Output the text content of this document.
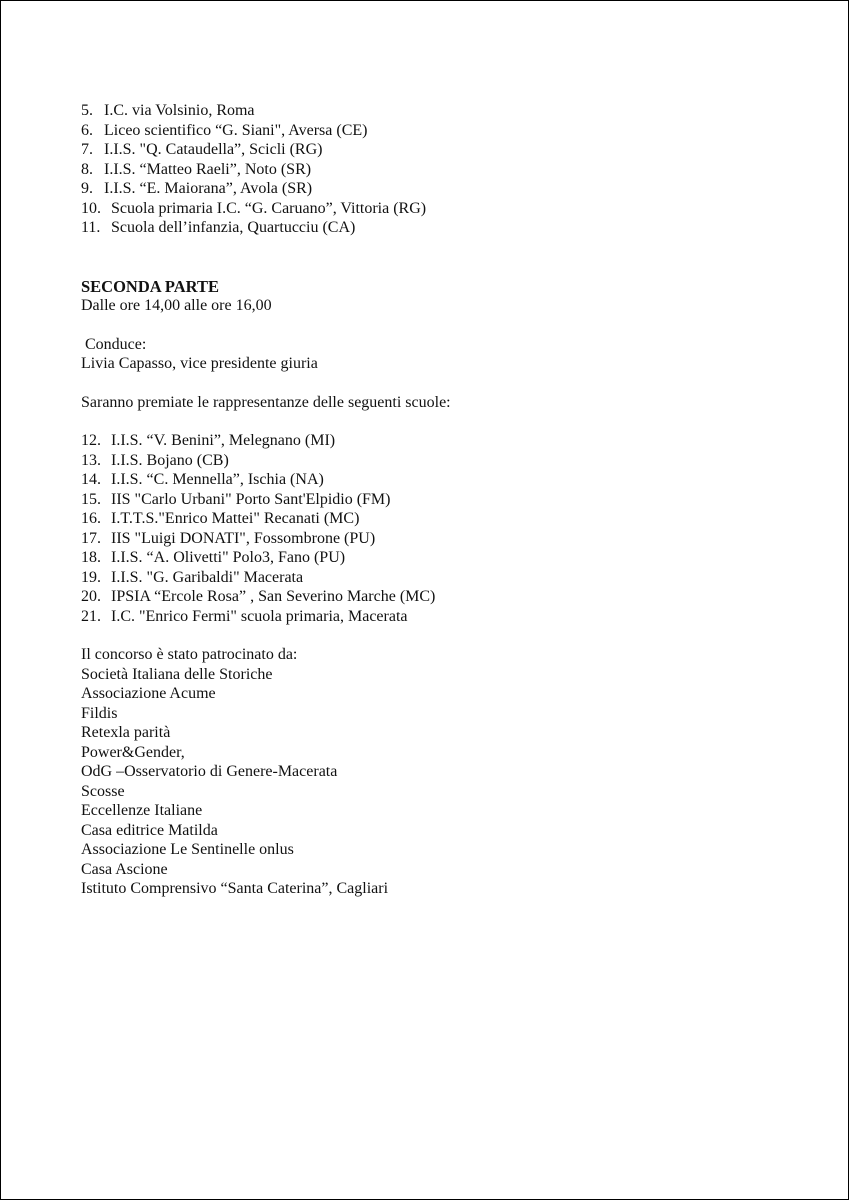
5. I.C. via Volsinio, Roma
6. Liceo scientifico “G. Siani", Aversa (CE)
7. I.I.S. "Q. Cataudella”, Scicli (RG)
8. I.I.S. “Matteo Raeli”, Noto (SR)
9. I.I.S. “E. Maiorana”, Avola (SR)
10. Scuola primaria I.C. “G. Caruano”, Vittoria (RG)
11. Scuola dell’infanzia, Quartucciu (CA)
SECONDA PARTE
Dalle ore 14,00 alle ore 16,00
Conduce:
Livia Capasso, vice presidente giuria
Saranno premiate le rappresentanze delle seguenti scuole:
12. I.I.S. “V. Benini”, Melegnano (MI)
13. I.I.S. Bojano (CB)
14. I.I.S. “C. Mennella”, Ischia (NA)
15. IIS "Carlo Urbani" Porto Sant'Elpidio (FM)
16. I.T.T.S."Enrico Mattei" Recanati (MC)
17. IIS "Luigi DONATI", Fossombrone (PU)
18. I.I.S. “A. Olivetti" Polo3, Fano (PU)
19. I.I.S. "G. Garibaldi" Macerata
20. IPSIA “Ercole Rosa” , San Severino Marche (MC)
21. I.C. "Enrico Fermi" scuola primaria, Macerata
Il concorso è stato patrocinato da:
Società Italiana delle Storiche
Associazione Acume
Fildis
Retexla parità
Power&Gender,
OdG –Osservatorio di Genere-Macerata
Scosse
Eccellenze Italiane
Casa editrice Matilda
Associazione Le Sentinelle onlus
Casa Ascione
Istituto Comprensivo “Santa Caterina”, Cagliari
